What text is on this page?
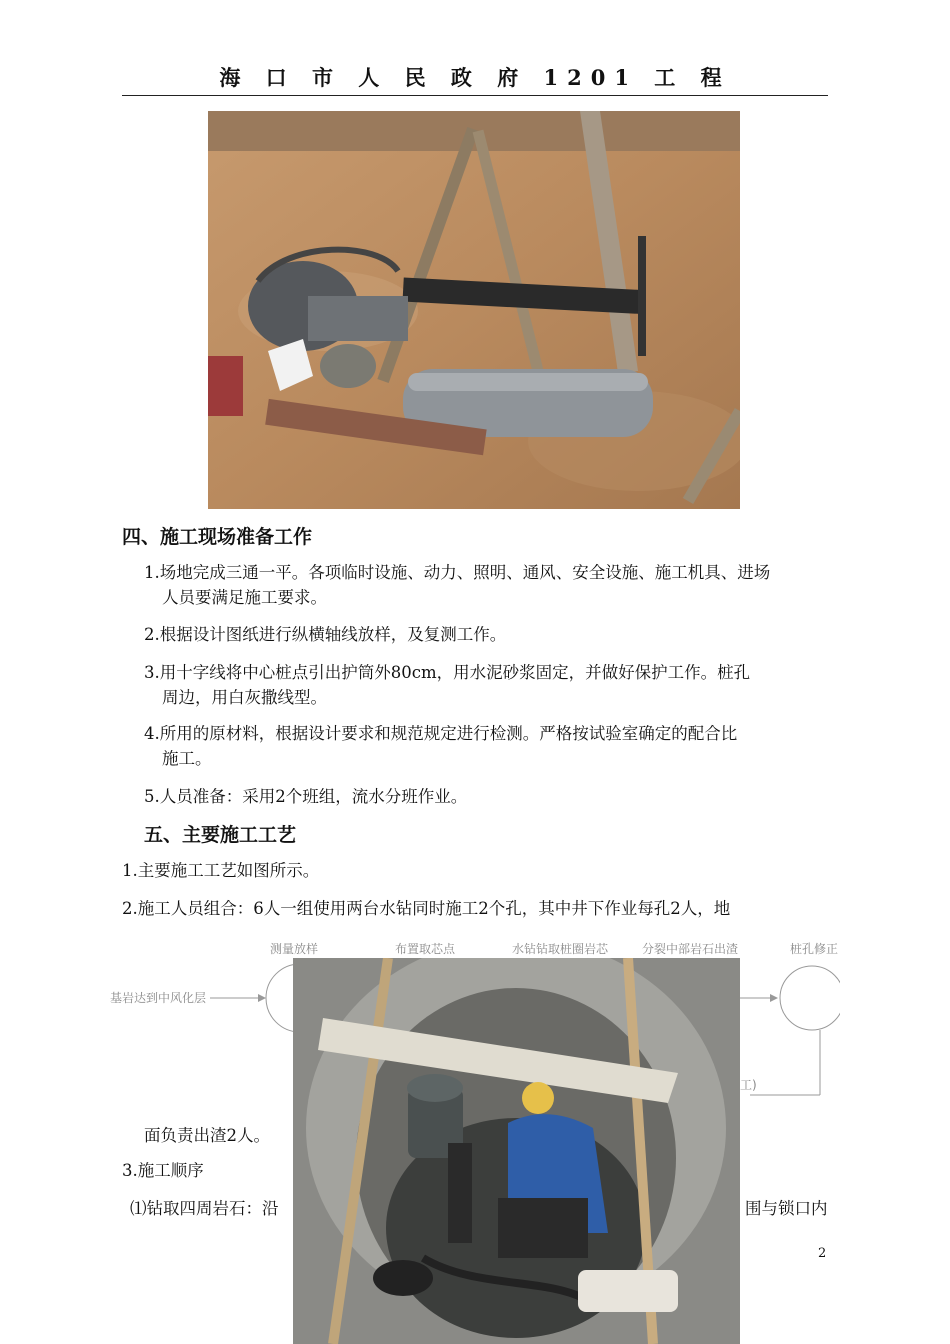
海 口 市 人 民 政 府 1201 工 程
四、施工现场准备工作
1.场地完成三通一平。各项临时设施、动力、照明、通风、安全设施、施工机具、进场
人员要满足施工要求。
2.根据设计图纸进行纵横轴线放样，及复测工作。
3.用十字线将中心桩点引出护筒外80cm，用水泥砂浆固定，并做好保护工作。桩孔
周边，用白灰撒线型。
4.所用的原材料，根据设计要求和规范规定进行检测。严格按试验室确定的配合比
施工。
5.人员准备：采用2个班组，流水分班作业。
五、主要施工工艺
1.主要施工工艺如图所示。
2.施工人员组合：6人一组使用两台水钻同时施工2个孔，其中井下作业每孔2人，地
基岩达到中风化层
测量放样	布置取芯点	水钻钻取桩圈岩芯	分裂中部岩石出渣	桩孔修正
工)
面负责出渣2人。
3.施工顺序
⑴钻取四周岩石：沿	围与锁口内
2
